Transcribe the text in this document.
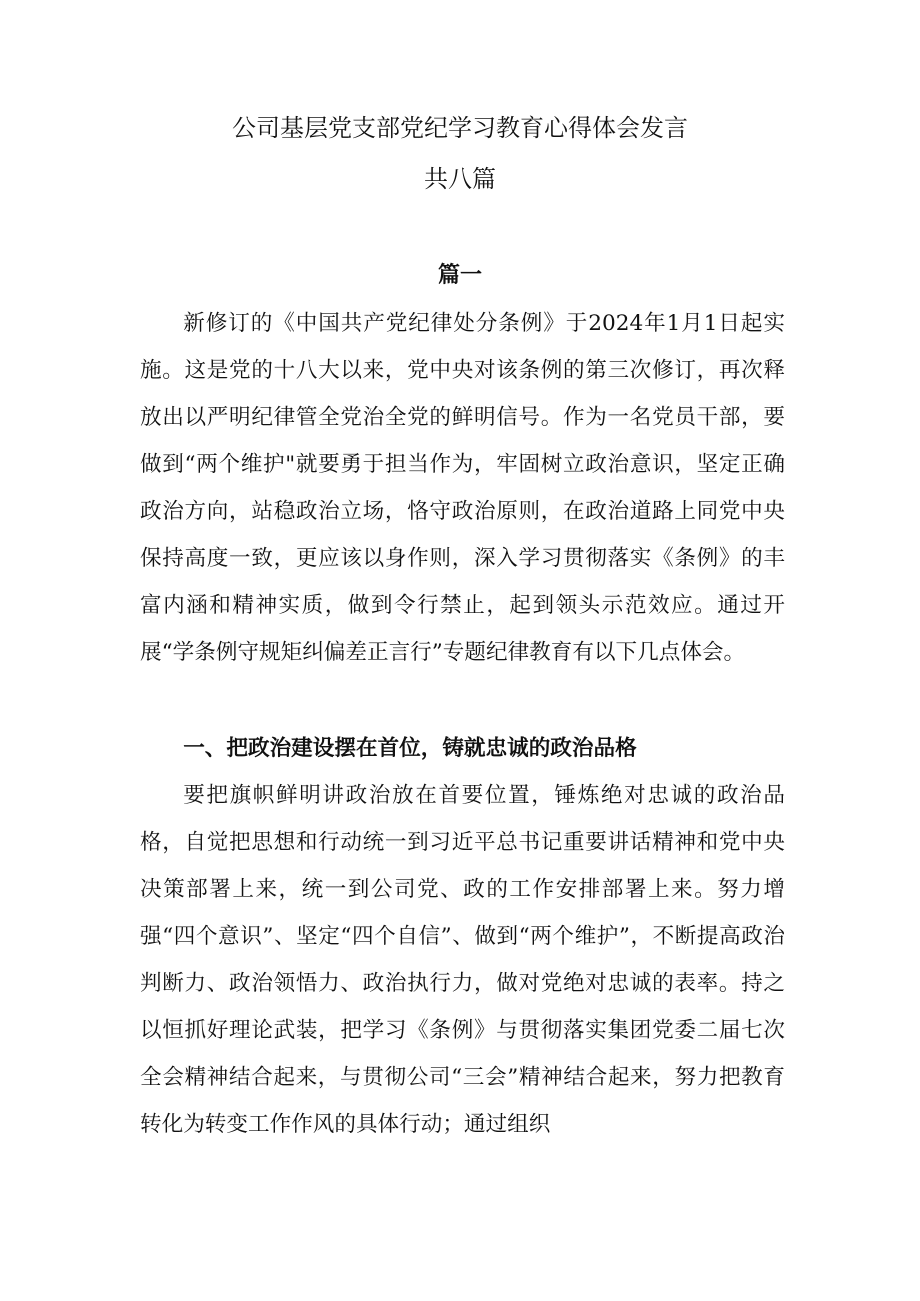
公司基层党支部党纪学习教育心得体会发言
共八篇
篇一

新修订的《中国共产党纪律处分条例》于2024年1月1日起实施。这是党的十八大以来，党中央对该条例的第三次修订，再次释放出以严明纪律管全党治全党的鲜明信号。作为一名党员干部，要做到“两个维护"就要勇于担当作为，牢固树立政治意识，坚定正确政治方向，站稳政治立场，恪守政治原则，在政治道路上同党中央保持高度一致，更应该以身作则，深入学习贯彻落实《条例》的丰富内涵和精神实质，做到令行禁止，起到领头示范效应。通过开展“学条例守规矩纠偏差正言行”专题纪律教育有以下几点体会。

一、把政治建设摆在首位，铸就忠诚的政治品格

要把旗帜鲜明讲政治放在首要位置，锤炼绝对忠诚的政治品格，自觉把思想和行动统一到习近平总书记重要讲话精神和党中央决策部署上来，统一到公司党、政的工作安排部署上来。努力增强“四个意识”、坚定“四个自信”、做到“两个维护”，不断提高政治判断力、政治领悟力、政治执行力，做对党绝对忠诚的表率。持之以恒抓好理论武装，把学习《条例》与贯彻落实集团党委二届七次全会精神结合起来，与贯彻公司“三会”精神结合起来，努力把教育转化为转变工作作风的具体行动；通过组织
